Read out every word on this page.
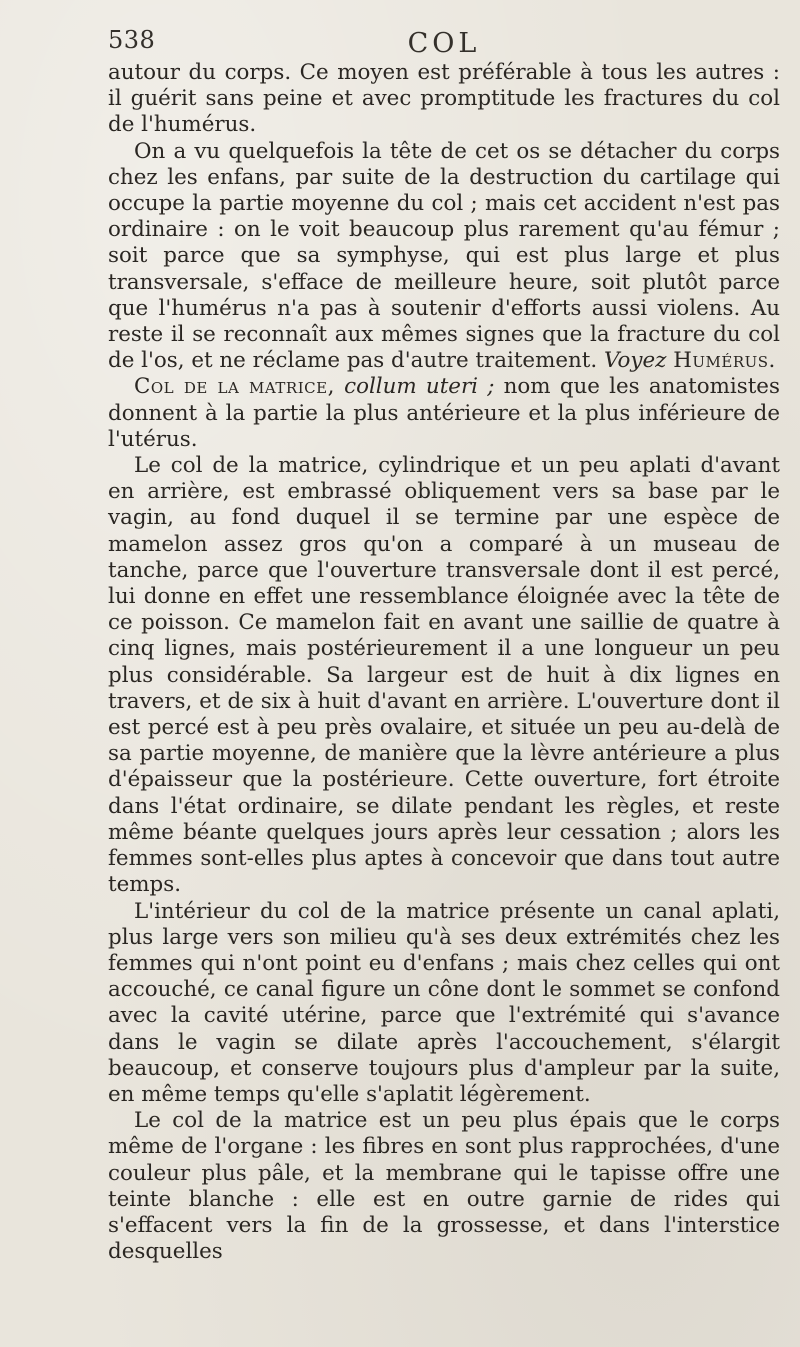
538	COL

autour du corps. Ce moyen est préférable à tous les autres : il guérit sans peine et avec promptitude les fractures du col de l'humérus.

On a vu quelquefois la tête de cet os se détacher du corps chez les enfans, par suite de la destruction du cartilage qui occupe la partie moyenne du col ; mais cet accident n'est pas ordinaire : on le voit beaucoup plus rarement qu'au fémur ; soit parce que sa symphyse, qui est plus large et plus transversale, s'efface de meilleure heure, soit plutôt parce que l'humérus n'a pas à soutenir d'efforts aussi violens. Au reste il se reconnaît aux mêmes signes que la fracture du col de l'os, et ne réclame pas d'autre traitement. Voyez Humérus.

Col de la matrice, collum uteri ; nom que les anatomistes donnent à la partie la plus antérieure et la plus inférieure de l'utérus.

Le col de la matrice, cylindrique et un peu aplati d'avant en arrière, est embrassé obliquement vers sa base par le vagin, au fond duquel il se termine par une espèce de mamelon assez gros qu'on a comparé à un museau de tanche, parce que l'ouverture transversale dont il est percé, lui donne en effet une ressemblance éloignée avec la tête de ce poisson. Ce mamelon fait en avant une saillie de quatre à cinq lignes, mais postérieurement il a une longueur un peu plus considérable. Sa largeur est de huit à dix lignes en travers, et de six à huit d'avant en arrière. L'ouverture dont il est percé est à peu près ovalaire, et située un peu au-delà de sa partie moyenne, de manière que la lèvre antérieure a plus d'épaisseur que la postérieure. Cette ouverture, fort étroite dans l'état ordinaire, se dilate pendant les règles, et reste même béante quelques jours après leur cessation ; alors les femmes sont-elles plus aptes à concevoir que dans tout autre temps.

L'intérieur du col de la matrice présente un canal aplati, plus large vers son milieu qu'à ses deux extrémités chez les femmes qui n'ont point eu d'enfans ; mais chez celles qui ont accouché, ce canal figure un cône dont le sommet se confond avec la cavité utérine, parce que l'extrémité qui s'avance dans le vagin se dilate après l'accouchement, s'élargit beaucoup, et conserve toujours plus d'ampleur par la suite, en même temps qu'elle s'aplatit légèrement.

Le col de la matrice est un peu plus épais que le corps même de l'organe : les fibres en sont plus rapprochées, d'une couleur plus pâle, et la membrane qui le tapisse offre une teinte blanche : elle est en outre garnie de rides qui s'effacent vers la fin de la grossesse, et dans l'interstice desquelles
